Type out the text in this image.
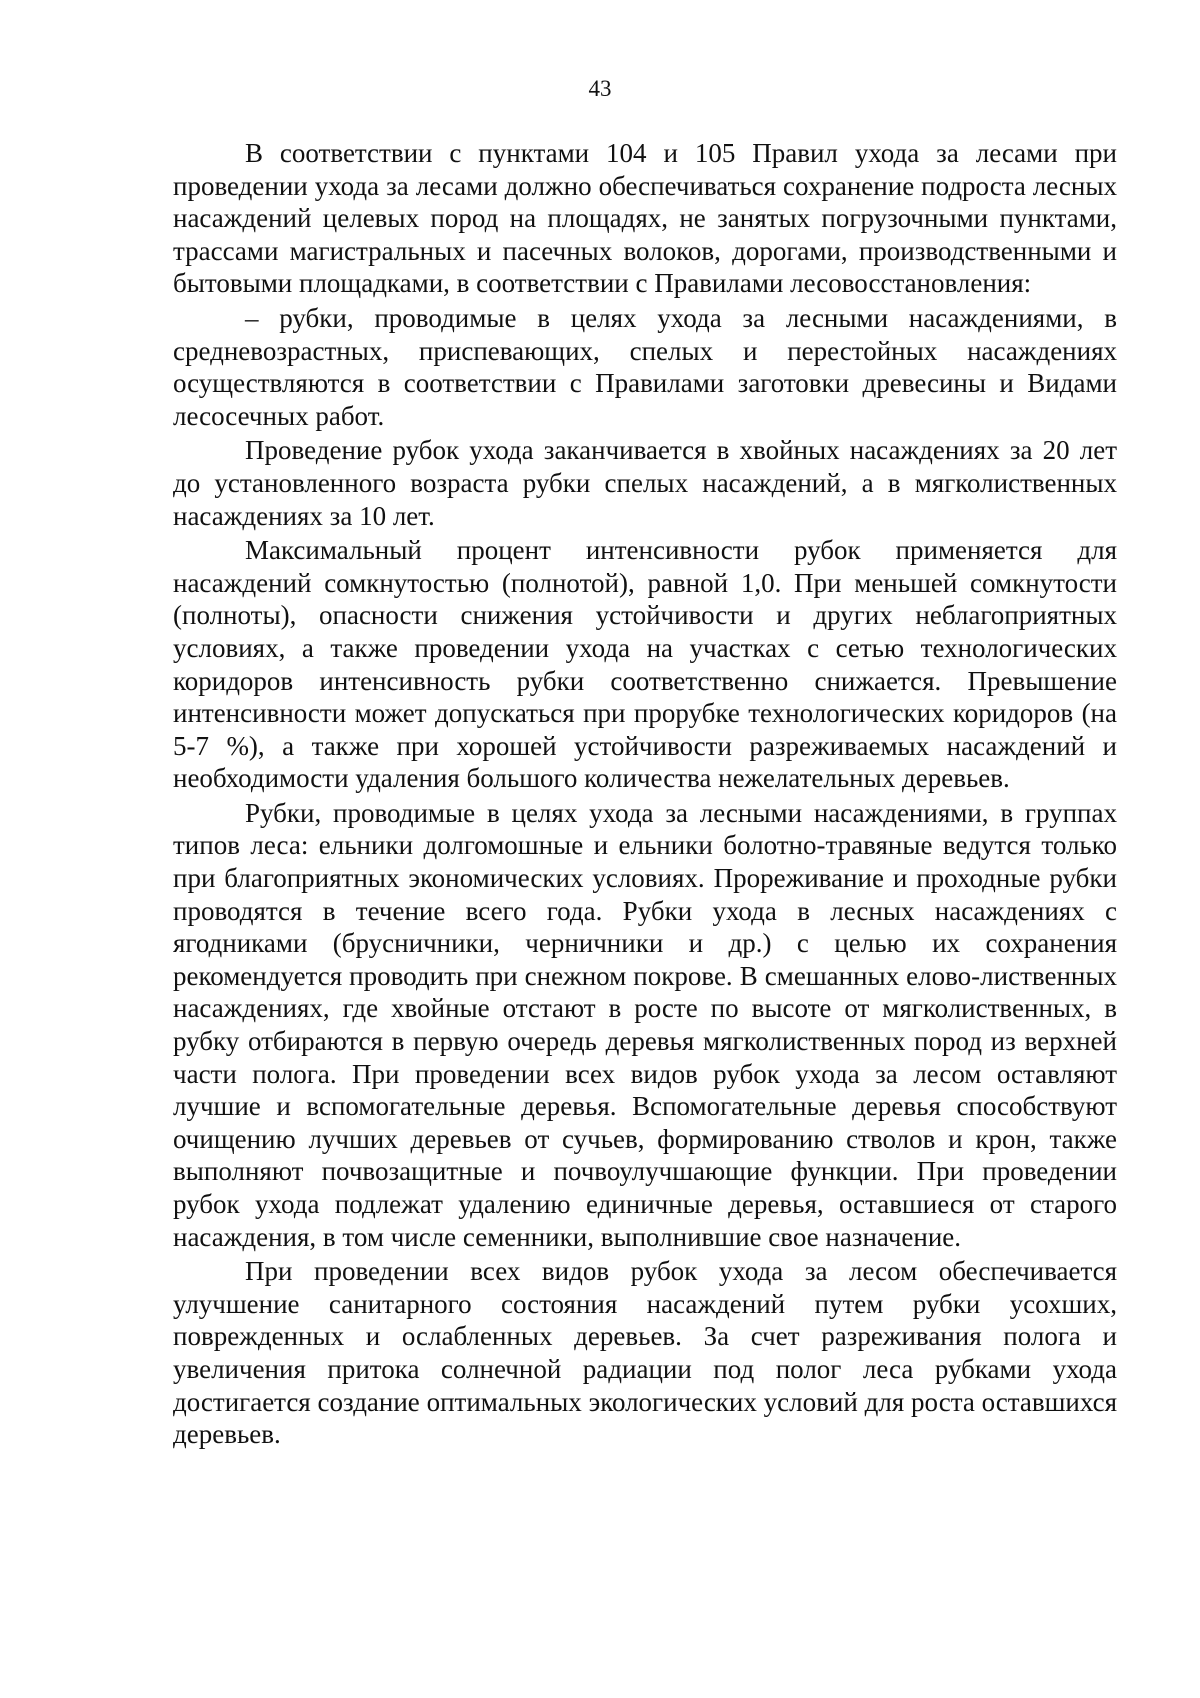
43

В соответствии с пунктами 104 и 105 Правил ухода за лесами при проведении ухода за лесами должно обеспечиваться сохранение подроста лесных насаждений целевых пород на площадях, не занятых погрузочными пунктами, трассами магистральных и пасечных волоков, дорогами, производственными и бытовыми площадками, в соответствии с Правилами лесовосстановления:

– рубки, проводимые в целях ухода за лесными насаждениями, в средневозрастных, приспевающих, спелых и перестойных насаждениях осуществляются в соответствии с Правилами заготовки древесины и Видами лесосечных работ.

Проведение рубок ухода заканчивается в хвойных насаждениях за 20 лет до установленного возраста рубки спелых насаждений, а в мягколиственных насаждениях за 10 лет.

Максимальный процент интенсивности рубок применяется для насаждений сомкнутостью (полнотой), равной 1,0. При меньшей сомкнутости (полноты), опасности снижения устойчивости и других неблагоприятных условиях, а также проведении ухода на участках с сетью технологических коридоров интенсивность рубки соответственно снижается. Превышение интенсивности может допускаться при прорубке технологических коридоров (на 5-7 %), а также при хорошей устойчивости разреживаемых насаждений и необходимости удаления большого количества нежелательных деревьев.

Рубки, проводимые в целях ухода за лесными насаждениями, в группах типов леса: ельники долгомошные и ельники болотно-травяные ведутся только при благоприятных экономических условиях. Прореживание и проходные рубки проводятся в течение всего года. Рубки ухода в лесных насаждениях с ягодниками (брусничники, черничники и др.) с целью их сохранения рекомендуется проводить при снежном покрове. В смешанных елово-лиственных насаждениях, где хвойные отстают в росте по высоте от мягколиственных, в рубку отбираются в первую очередь деревья мягколиственных пород из верхней части полога. При проведении всех видов рубок ухода за лесом оставляют лучшие и вспомогательные деревья. Вспомогательные деревья способствуют очищению лучших деревьев от сучьев, формированию стволов и крон, также выполняют почвозащитные и почвоулучшающие функции. При проведении рубок ухода подлежат удалению единичные деревья, оставшиеся от старого насаждения, в том числе семенники, выполнившие свое назначение.

При проведении всех видов рубок ухода за лесом обеспечивается улучшение санитарного состояния насаждений путем рубки усохших, поврежденных и ослабленных деревьев. За счет разреживания полога и увеличения притока солнечной радиации под полог леса рубками ухода достигается создание оптимальных экологических условий для роста оставшихся деревьев.
